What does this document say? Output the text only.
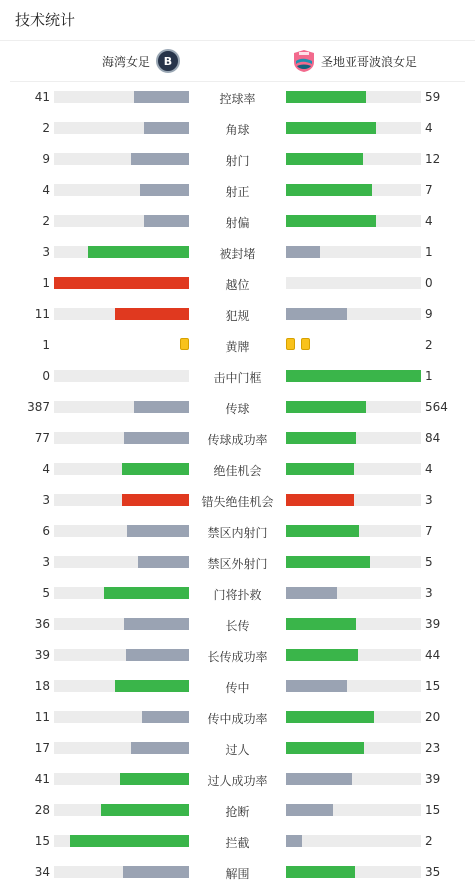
技术统计
海湾女足	B	圣地亚哥波浪女足
41	控球率	59
2	角球	4
9	射门	12
4	射正	7
2	射偏	4
3	被封堵	1
1	越位	0
11	犯规	9
1	黄牌	2
0	击中门框	1
387	传球	564
77	传球成功率	84
4	绝佳机会	4
3	错失绝佳机会	3
6	禁区内射门	7
3	禁区外射门	5
5	门将扑救	3
36	长传	39
39	长传成功率	44
18	传中	15
11	传中成功率	20
17	过人	23
41	过人成功率	39
28	抢断	15
15	拦截	2
34	解围	35
